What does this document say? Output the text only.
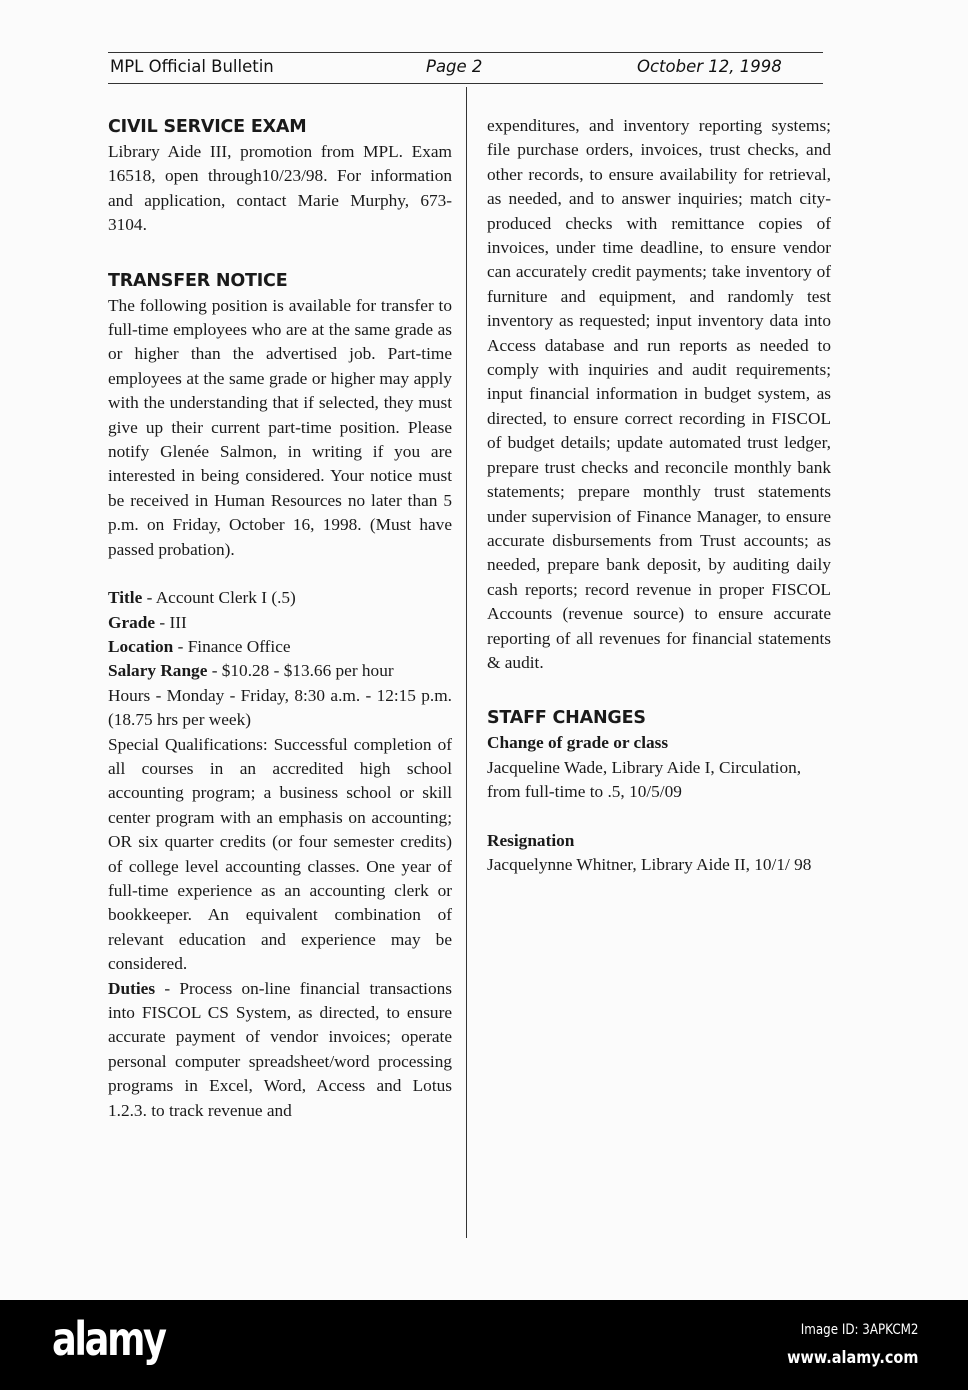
MPL Official Bulletin	Page 2	October 12, 1998
CIVIL SERVICE EXAM

Library Aide III, promotion from MPL. Exam 16518, open through10/23/98. For information and application, contact Marie Murphy, 673-3104.

TRANSFER NOTICE

The following position is available for transfer to full-time employees who are at the same grade as or higher than the advertised job. Part-time employees at the same grade or higher may apply with the understanding that if selected, they must give up their current part-time position. Please notify Glenée Salmon, in writing if you are interested in being considered. Your notice must be received in Human Resources no later than 5 p.m. on Friday, October 16, 1998. (Must have passed probation).

Title - Account Clerk I (.5)

Grade - III

Location - Finance Office

Salary Range - $10.28 - $13.66 per hour

Hours - Monday - Friday, 8:30 a.m. - 12:15 p.m. (18.75 hrs per week)

Special Qualifications: Successful completion of all courses in an accredited high school accounting program; a business school or skill center program with an emphasis on accounting; OR six quarter credits (or four semester credits) of college level accounting classes. One year of full-time experience as an accounting clerk or bookkeeper. An equivalent combination of relevant education and experience may be considered.

Duties - Process on-line financial transactions into FISCOL CS System, as directed, to ensure accurate payment of vendor invoices; operate personal computer spreadsheet/word processing programs in Excel, Word, Access and Lotus 1.2.3. to track revenue and

expenditures, and inventory reporting systems; file purchase orders, invoices, trust checks, and other records, to ensure availability for retrieval, as needed, and to answer inquiries; match city-produced checks with remittance copies of invoices, under time deadline, to ensure vendor can accurately credit payments; take inventory of furniture and equipment, and randomly test inventory as requested; input inventory data into Access database and run reports as needed to comply with inquiries and audit requirements; input financial information in budget system, as directed, to ensure correct recording in FISCOL of budget details; update automated trust ledger, prepare trust checks and reconcile monthly bank statements; prepare monthly trust statements under supervision of Finance Manager, to ensure accurate disbursements from Trust accounts; as needed, prepare bank deposit, by auditing daily cash reports; record revenue in proper FISCOL Accounts (revenue source) to ensure accurate reporting of all revenues for financial statements & audit.

STAFF CHANGES

Change of grade or class

Jacqueline Wade, Library Aide I, Circulation, from full-time to .5, 10/5/09

Resignation

Jacquelynne Whitner, Library Aide II, 10/1/ 98

alamy	Image ID: 3APKCM2
www.alamy.com
